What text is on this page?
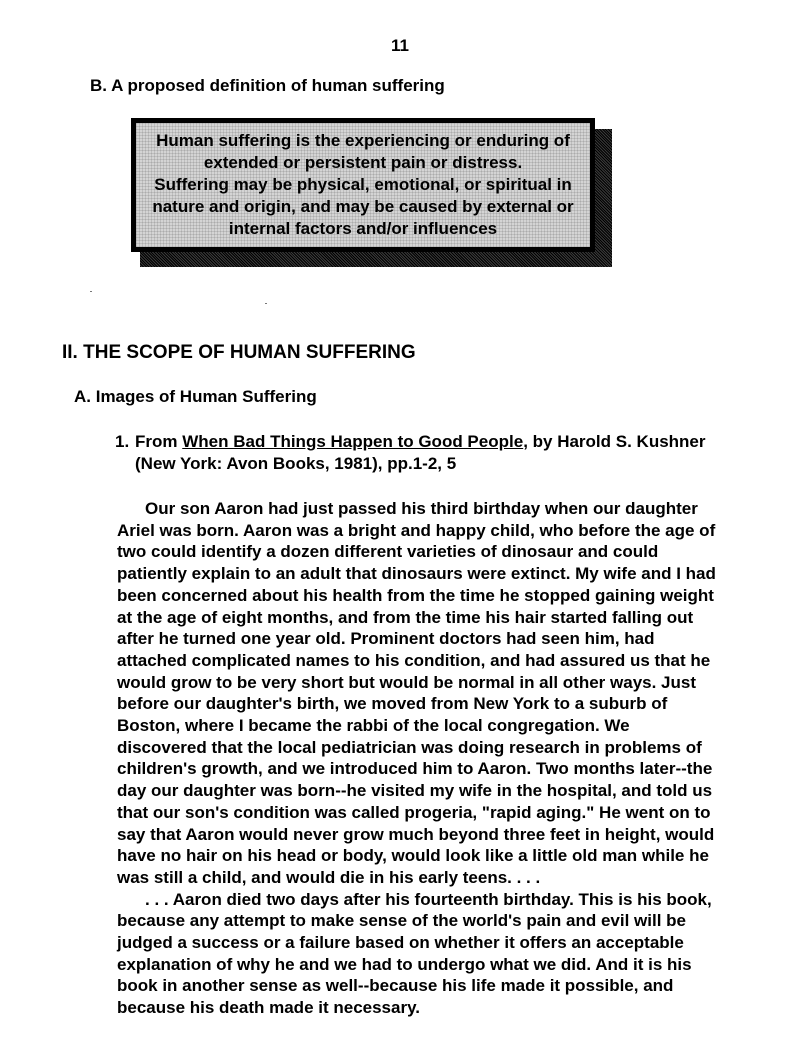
11
B. A proposed definition of human suffering

Human suffering is the experiencing or enduring of
extended or persistent pain or distress.
Suffering may be physical, emotional, or spiritual in
nature and origin, and may be caused by external or
internal factors and/or influences

II. THE SCOPE OF HUMAN SUFFERING
A. Images of Human Suffering
1. From When Bad Things Happen to Good People, by Harold S. Kushner
(New York: Avon Books, 1981), pp.1-2, 5
Our son Aaron had just passed his third birthday when our daughter
Ariel was born. Aaron was a bright and happy child, who before the age of
two could identify a dozen different varieties of dinosaur and could
patiently explain to an adult that dinosaurs were extinct. My wife and I had
been concerned about his health from the time he stopped gaining weight
at the age of eight months, and from the time his hair started falling out
after he turned one year old. Prominent doctors had seen him, had
attached complicated names to his condition, and had assured us that he
would grow to be very short but would be normal in all other ways. Just
before our daughter's birth, we moved from New York to a suburb of
Boston, where I became the rabbi of the local congregation. We
discovered that the local pediatrician was doing research in problems of
children's growth, and we introduced him to Aaron. Two months later--the
day our daughter was born--he visited my wife in the hospital, and told us
that our son's condition was called progeria, "rapid aging." He went on to
say that Aaron would never grow much beyond three feet in height, would
have no hair on his head or body, would look like a little old man while he
was still a child, and would die in his early teens. . . .
. . . Aaron died two days after his fourteenth birthday. This is his book,
because any attempt to make sense of the world's pain and evil will be
judged a success or a failure based on whether it offers an acceptable
explanation of why he and we had to undergo what we did. And it is his
book in another sense as well--because his life made it possible, and
because his death made it necessary.
